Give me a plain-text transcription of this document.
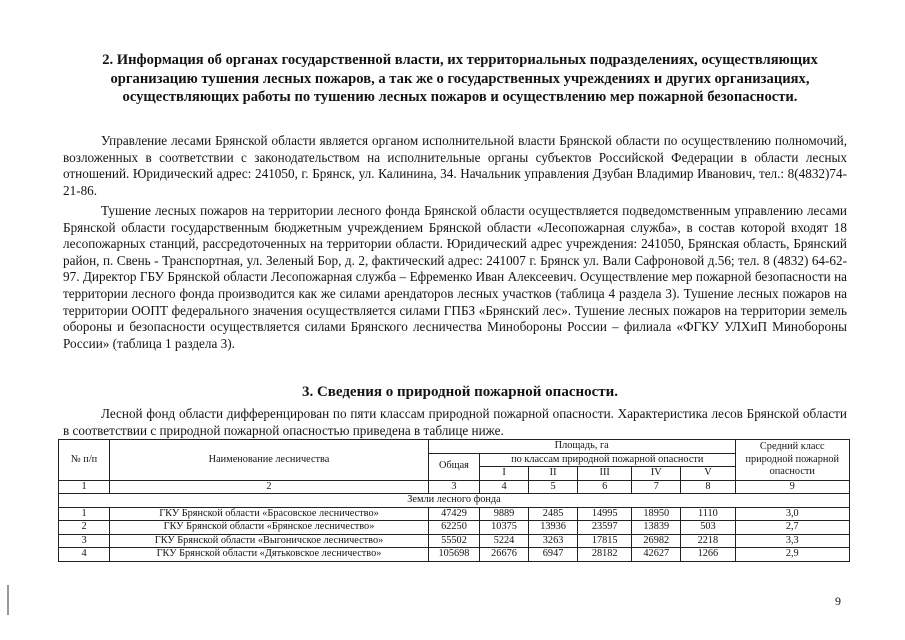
2. Информация об органах государственной власти, их территориальных подразделениях, осуществляющих организацию тушения лесных пожаров, а так же о государственных учреждениях и других организациях, осуществляющих работы по тушению лесных пожаров и осуществлению мер пожарной безопасности.
Управление лесами Брянской области является органом исполнительной власти Брянской области по осуществлению полномочий, возложенных в соответствии с законодательством на исполнительные органы субъектов Российской Федерации в области лесных отношений. Юридический адрес: 241050, г. Брянск, ул. Калинина, 34. Начальник управления Дзубан Владимир Иванович, тел.: 8(4832)74-21-86.
Тушение лесных пожаров на территории лесного фонда Брянской области осуществляется подведомственным управлению лесами Брянской области государственным бюджетным учреждением Брянской области «Лесопожарная служба», в состав которой входят 18 лесопожарных станций, рассредоточенных на территории области. Юридический адрес учреждения: 241050, Брянская область, Брянский район, п. Свень - Транспортная, ул. Зеленый Бор, д. 2, фактический адрес: 241007 г. Брянск ул. Вали Сафроновой д.56; тел. 8 (4832) 64-62-97. Директор ГБУ Брянской области Лесопожарная служба – Ефременко Иван Алексеевич. Осуществление мер пожарной безопасности на территории лесного фонда производится как же силами арендаторов лесных участков (таблица 4 раздела 3). Тушение лесных пожаров на территории ООПТ федерального значения осуществляется силами ГПБЗ «Брянский лес». Тушение лесных пожаров на территории земель обороны и безопасности осуществляется силами Брянского лесничества Минобороны России – филиала «ФГКУ УЛХиП Минобороны России» (таблица 1 раздела 3).
3. Сведения о природной пожарной опасности.
Лесной фонд области дифференцирован по пяти классам природной пожарной опасности. Характеристика лесов Брянской области в соответствии с природной пожарной опасностью приведена в таблице ниже.
№ п/п	Наименование лесничества	Площадь, га						Средний класс природной пожарной опасности
		Общая	по классам природной пожарной опасности					
			I	II	III	IV	V	
1	2	3	4	5	6	7	8	9
Земли лесного фонда								
1	ГКУ Брянской области «Брасовское лесничество»	47429	9889	2485	14995	18950	1110	3,0
2	ГКУ Брянской области «Брянское лесничество»	62250	10375	13936	23597	13839	503	2,7
3	ГКУ Брянской области «Выгоничское лесничество»	55502	5224	3263	17815	26982	2218	3,3
4	ГКУ Брянской области «Дятьковское лесничество»	105698	26676	6947	28182	42627	1266	2,9
9
